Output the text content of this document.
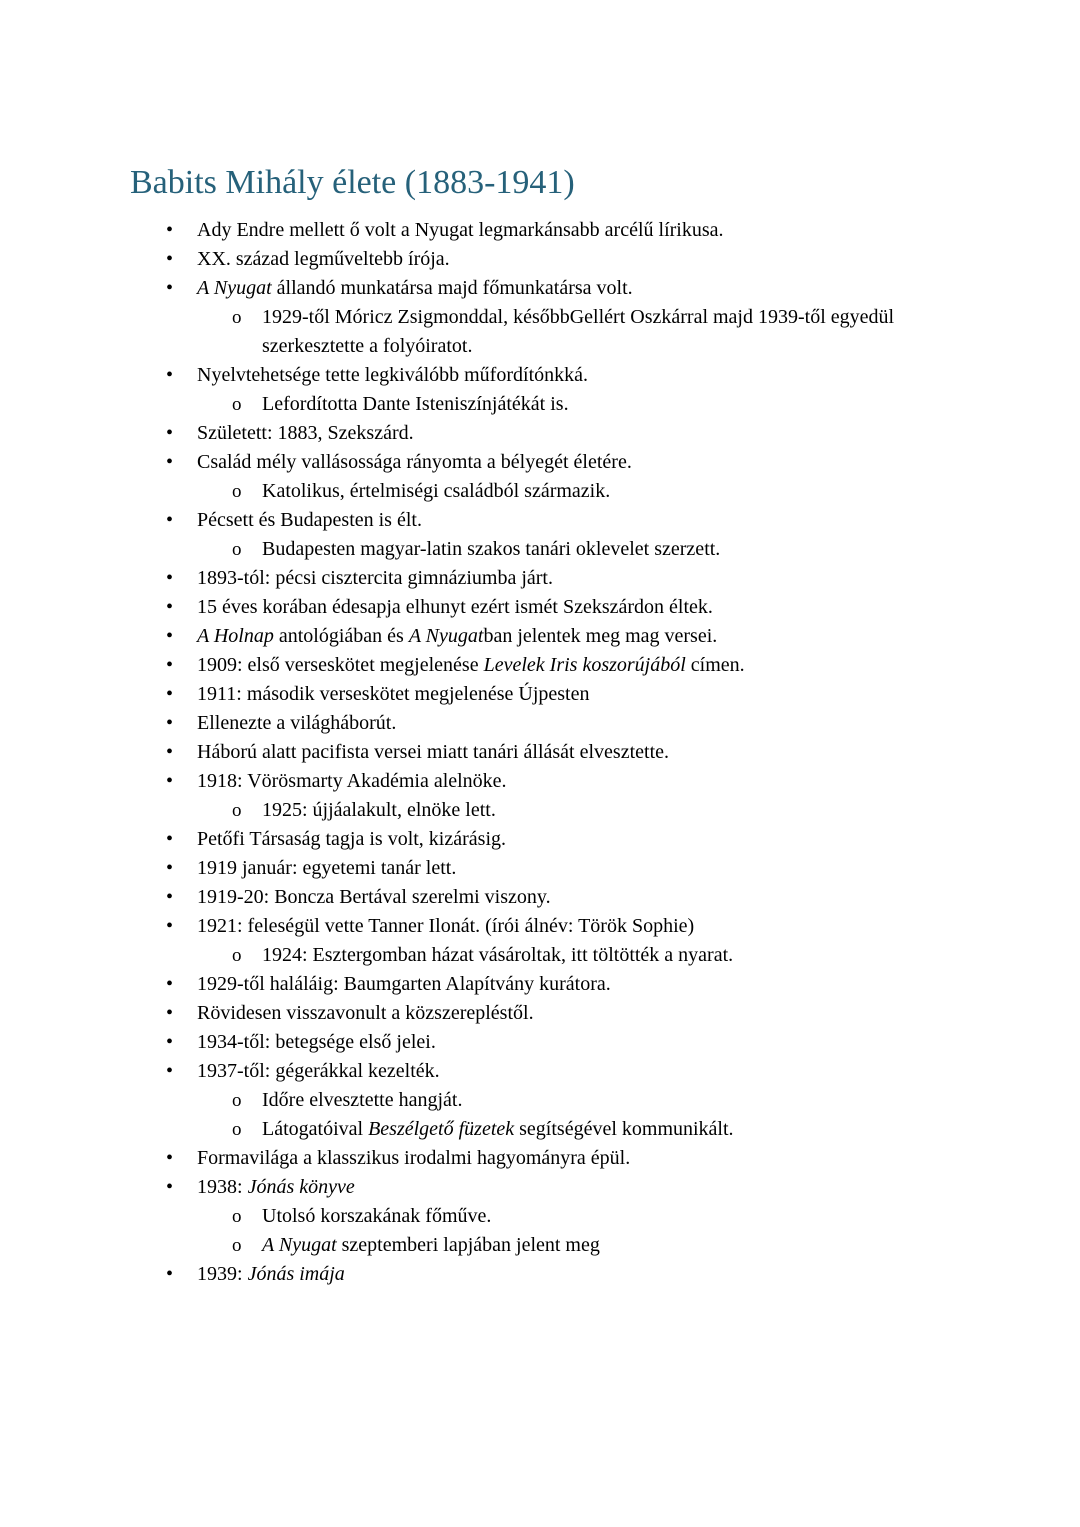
Babits Mihály élete (1883-1941)
•	Ady Endre mellett ő volt a Nyugat legmarkánsabb arcélű lírikusa.
•	XX. század legműveltebb írója.
•	A Nyugat állandó munkatársa majd főmunkatársa volt.
o	1929-től Móricz Zsigmonddal, későbbGellért Oszkárral majd 1939-től egyedül szerkesztette a folyóiratot.
•	Nyelvtehetsége tette legkiválóbb műfordítónkká.
o	Lefordította Dante Isteniszínjátékát is.
•	Született: 1883, Szekszárd.
•	Család mély vallásossága rányomta a bélyegét életére.
o	Katolikus, értelmiségi családból származik.
•	Pécsett és Budapesten is élt.
o	Budapesten magyar-latin szakos tanári oklevelet szerzett.
•	1893-tól: pécsi cisztercita gimnáziumba járt.
•	15 éves korában édesapja elhunyt ezért ismét Szekszárdon éltek.
•	A Holnap antológiában és A Nyugatban jelentek meg mag versei.
•	1909: első verseskötet megjelenése Levelek Iris koszorújából címen.
•	1911: második verseskötet megjelenése Újpesten
•	Ellenezte a világháborút.
•	Háború alatt pacifista versei miatt tanári állását elvesztette.
•	1918: Vörösmarty Akadémia alelnöke.
o	1925: újjáalakult, elnöke lett.
•	Petőfi Társaság tagja is volt, kizárásig.
•	1919 január: egyetemi tanár lett.
•	1919-20: Boncza Bertával szerelmi viszony.
•	1921: feleségül vette Tanner Ilonát. (írói álnév: Török Sophie)
o	1924: Esztergomban házat vásároltak, itt töltötték a nyarat.
•	1929-től haláláig: Baumgarten Alapítvány kurátora.
•	Rövidesen visszavonult a közszerepléstől.
•	1934-től: betegsége első jelei.
•	1937-től: gégerákkal kezelték.
o	Időre elvesztette hangját.
o	Látogatóival Beszélgető füzetek segítségével kommunikált.
•	Formavilága a klasszikus irodalmi hagyományra épül.
•	1938: Jónás könyve
o	Utolsó korszakának főműve.
o	A Nyugat szeptemberi lapjában jelent meg
•	1939: Jónás imája
